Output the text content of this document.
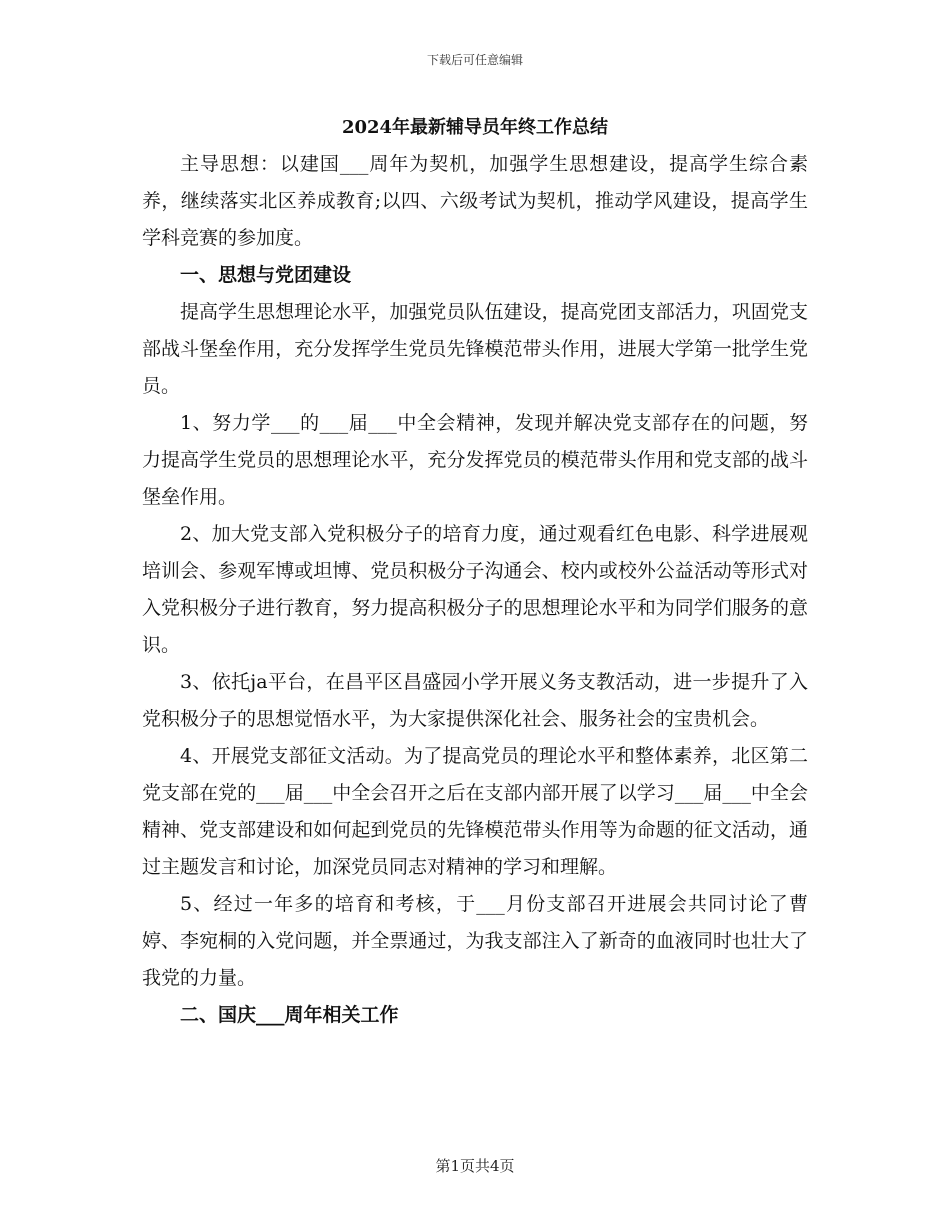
下载后可任意编辑
2024年最新辅导员年终工作总结

主导思想：以建国___周年为契机，加强学生思想建设，提高学生综合素养，继续落实北区养成教育;以四、六级考试为契机，推动学风建设，提高学生学科竞赛的参加度。

一、思想与党团建设

提高学生思想理论水平，加强党员队伍建设，提高党团支部活力，巩固党支部战斗堡垒作用，充分发挥学生党员先锋模范带头作用，进展大学第一批学生党员。

1、努力学___的___届___中全会精神，发现并解决党支部存在的问题，努力提高学生党员的思想理论水平，充分发挥党员的模范带头作用和党支部的战斗堡垒作用。

2、加大党支部入党积极分子的培育力度，通过观看红色电影、科学进展观培训会、参观军博或坦博、党员积极分子沟通会、校内或校外公益活动等形式对入党积极分子进行教育，努力提高积极分子的思想理论水平和为同学们服务的意识。

3、依托ja平台，在昌平区昌盛园小学开展义务支教活动，进一步提升了入党积极分子的思想觉悟水平，为大家提供深化社会、服务社会的宝贵机会。

4、开展党支部征文活动。为了提高党员的理论水平和整体素养，北区第二党支部在党的___届___中全会召开之后在支部内部开展了以学习___届___中全会精神、党支部建设和如何起到党员的先锋模范带头作用等为命题的征文活动，通过主题发言和讨论，加深党员同志对精神的学习和理解。

5、经过一年多的培育和考核，于___月份支部召开进展会共同讨论了曹婷、李宛桐的入党问题，并全票通过，为我支部注入了新奇的血液同时也壮大了我党的力量。

二、国庆___周年相关工作

第1页共4页
